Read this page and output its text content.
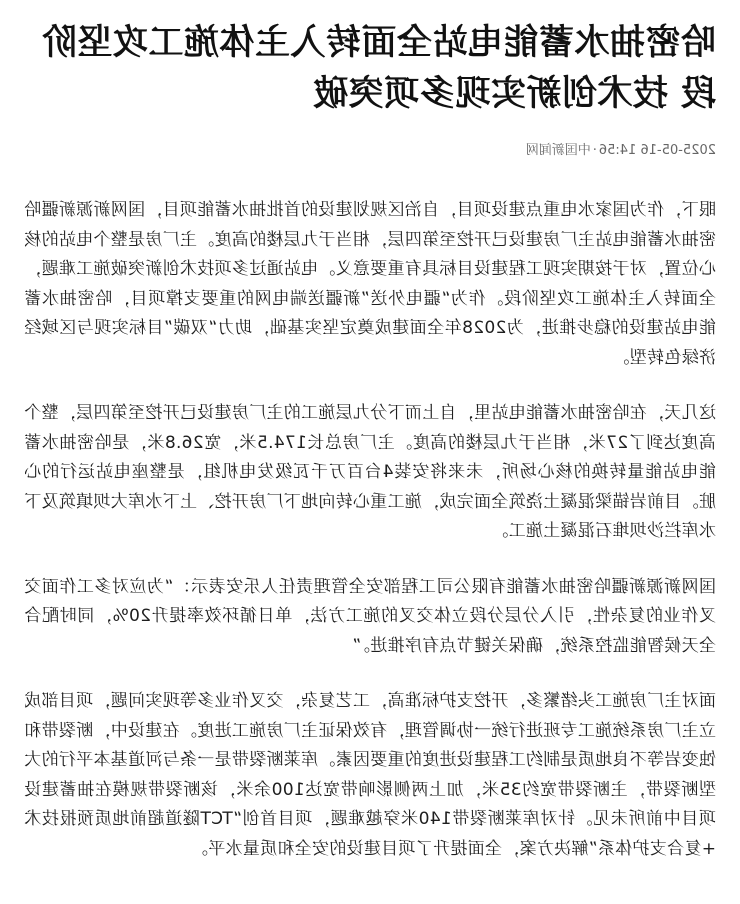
哈密抽水蓄能电站全面转入主体施工攻坚阶段 技术创新实现多项突破
2025-05-16 14:56·中国新闻网

眼下，作为国家水电重点建设项目，自治区规划建设的首批抽水蓄能项目，国网新源新疆哈密抽水蓄能电站主厂房建设已开挖至第四层，相当于九层楼的高度。主厂房是整个电站的核心位置，对于按期实现工程建设目标具有重要意义。电站通过多项技术创新突破施工难题，全面转入主体施工攻坚阶段。作为“疆电外送”新疆送端电网的重要支撑项目，哈密抽水蓄能电站建设的稳步推进，为2028年全面建成奠定坚实基础，助力“双碳”目标实现与区域经济绿色转型。

这几天，在哈密抽水蓄能电站里，自上而下分九层施工的主厂房建设已开挖至第四层，整个高度达到了27米，相当于九层楼的高度。主厂房总长174.5米，宽26.8米，是哈密抽水蓄能电站能量转换的核心场所，未来将安装4台百万千瓦级发电机组，是整座电站运行的心脏。目前岩锚梁混凝土浇筑全面完成，施工重心转向地下厂房开挖、上下水库大坝填筑及下水库拦沙坝堆石混凝土施工。

国网新源新疆哈密抽水蓄能有限公司工程部安全管理责任人乐安表示：“为应对多工作面交叉作业的复杂性，引入分层分段立体交叉的施工方法，单日循环效率提升20%，同时配合全天候智能监控系统，确保关键节点有序推进。”

面对主厂房施工头绪繁多，开挖支护标准高，工艺复杂，交叉作业多等现实问题，项目部成立主厂房系统施工专班进行统一协调管理，有效保证主厂房施工进度。在建设中，断裂带和蚀变岩等不良地质是制约工程建设进度的重要因素。库莱断裂带是一条与河道基本平行的大型断裂带，主断裂带宽约35米，加上两侧影响带宽达100余米，该断裂带规模在抽蓄建设项目中前所未见。针对库莱断裂带140米穿越难题，项目首创“TCT隧道超前地质预报技术+复合支护体系”解决方案，全面提升了项目建设的安全和质量水平。
